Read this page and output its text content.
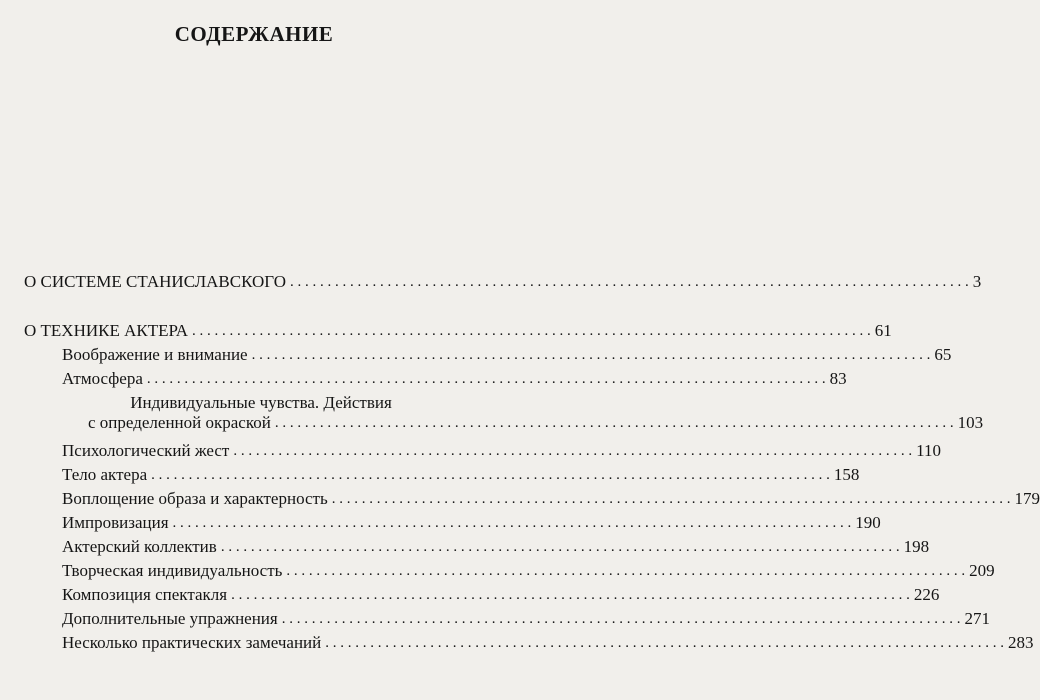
СОДЕРЖАНИЕ
О СИСТЕМЕ СТАНИСЛАВСКОГО . . .	3
О ТЕХНИКЕ АКТЕРА . . .	61
Воображение и внимание . . .	65
Атмосфера . . .	83
Индивидуальные чувства. Действия
с определенной окраской . . .	103
Психологический жест . . .	110
Тело актера . . .	158
Воплощение образа и характерность . . .	179
Импровизация . . .	190
Актерский коллектив . . .	198
Творческая индивидуальность . . .	209
Композиция спектакля . . .	226
Дополнительные упражнения . . .	271
Несколько практических замечаний . . .	283
